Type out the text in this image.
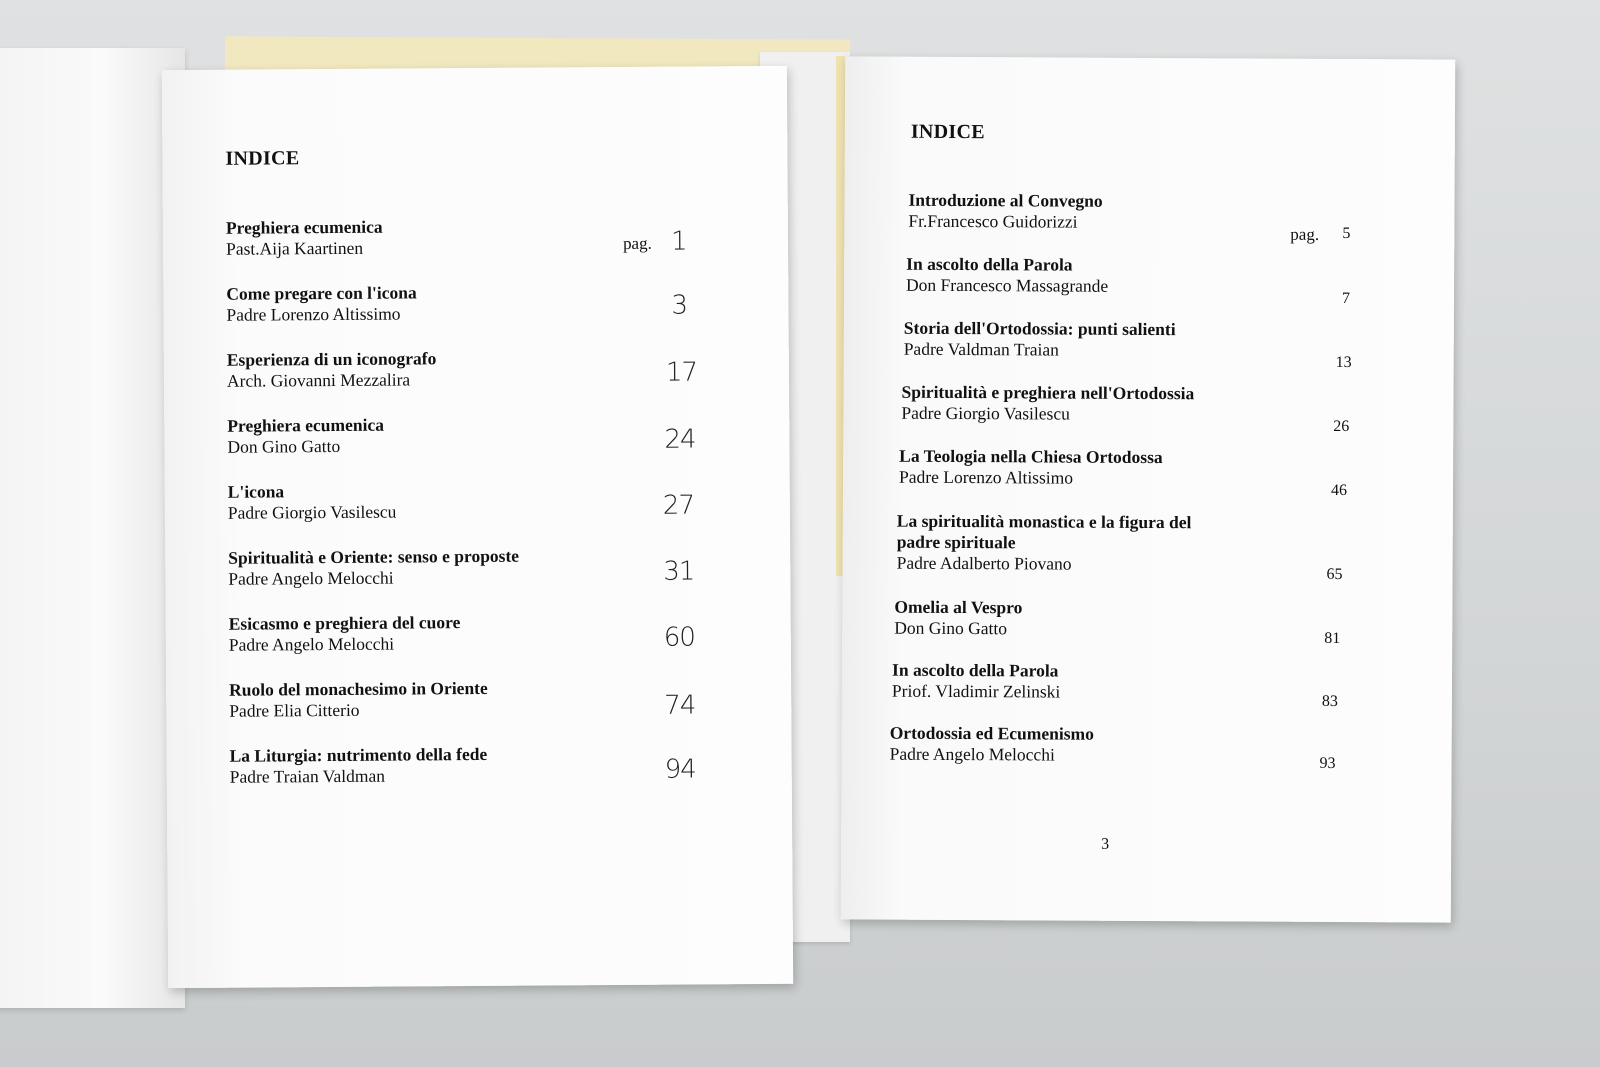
INDICE
Preghiera ecumenica
Past.Aija Kaartinen	pag. 1
Come pregare con l'icona
Padre Lorenzo Altissimo	3
Esperienza di un iconografo
Arch. Giovanni Mezzalira	17
Preghiera ecumenica
Don Gino Gatto	24
L'icona
Padre Giorgio Vasilescu	27
Spiritualità e Oriente: senso e proposte
Padre Angelo Melocchi	31
Esicasmo e preghiera del cuore
Padre Angelo Melocchi	60
Ruolo del monachesimo in Oriente
Padre Elia Citterio	74
La Liturgia: nutrimento della fede
Padre Traian Valdman	94
INDICE
Introduzione al Convegno
Fr.Francesco Guidorizzi
pag. 5
In ascolto della Parola
Don Francesco Massagrande
7
Storia dell'Ortodossia: punti salienti
Padre Valdman Traian
13
Spiritualità e preghiera nell'Ortodossia
Padre Giorgio Vasilescu
26
La Teologia nella Chiesa Ortodossa
Padre Lorenzo Altissimo
46
La spiritualità monastica e la figura del
padre spirituale
Padre Adalberto Piovano
65
Omelia al Vespro
Don Gino Gatto
81
In ascolto della Parola
Priof. Vladimir Zelinski	83
Ortodossia ed Ecumenismo
Padre Angelo Melocchi	93
3
